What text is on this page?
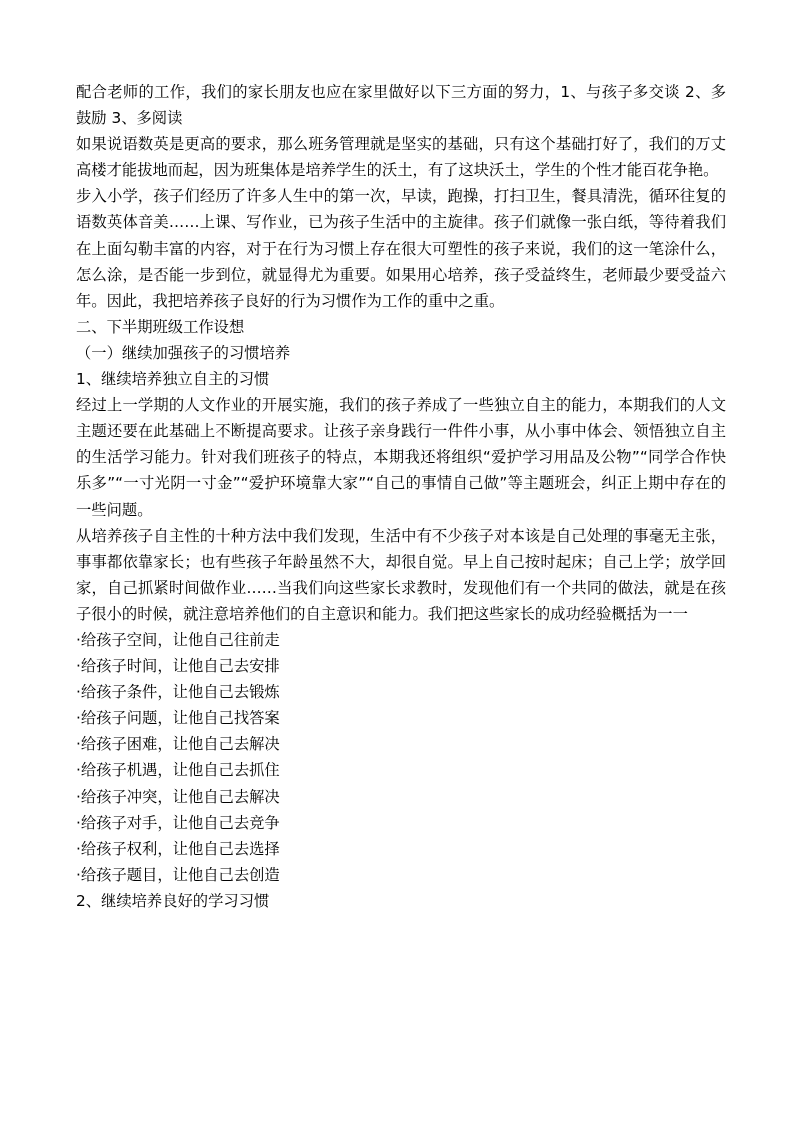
配合老师的工作，我们的家长朋友也应在家里做好以下三方面的努力，1、与孩子多交谈 2、多鼓励 3、多阅读

如果说语数英是更高的要求，那么班务管理就是坚实的基础，只有这个基础打好了，我们的万丈高楼才能拔地而起，因为班集体是培养学生的沃土，有了这块沃土，学生的个性才能百花争艳。

步入小学，孩子们经历了许多人生中的第一次，早读，跑操，打扫卫生，餐具清洗，循环往复的语数英体音美……上课、写作业，已为孩子生活中的主旋律。孩子们就像一张白纸，等待着我们在上面勾勒丰富的内容，对于在行为习惯上存在很大可塑性的孩子来说，我们的这一笔涂什么，怎么涂，是否能一步到位，就显得尤为重要。如果用心培养，孩子受益终生，老师最少要受益六年。因此，我把培养孩子良好的行为习惯作为工作的重中之重。

二、下半期班级工作设想

（一）继续加强孩子的习惯培养

1、继续培养独立自主的习惯

经过上一学期的人文作业的开展实施，我们的孩子养成了一些独立自主的能力，本期我们的人文主题还要在此基础上不断提高要求。让孩子亲身践行一件件小事，从小事中体会、领悟独立自主的生活学习能力。针对我们班孩子的特点，本期我还将组织“爱护学习用品及公物”“同学合作快乐多”“一寸光阴一寸金”“爱护环境靠大家”“自己的事情自己做”等主题班会，纠正上期中存在的一些问题。

从培养孩子自主性的十种方法中我们发现，生活中有不少孩子对本该是自己处理的事毫无主张，事事都依靠家长；也有些孩子年龄虽然不大，却很自觉。早上自己按时起床；自己上学；放学回家，自己抓紧时间做作业……当我们向这些家长求教时，发现他们有一个共同的做法，就是在孩子很小的时候，就注意培养他们的自主意识和能力。我们把这些家长的成功经验概括为一一

·给孩子空间，让他自己往前走

·给孩子时间，让他自己去安排

·给孩子条件，让他自己去锻炼

·给孩子问题，让他自己找答案

·给孩子困难，让他自己去解决

·给孩子机遇，让他自己去抓住

·给孩子冲突，让他自己去解决

·给孩子对手，让他自己去竞争

·给孩子权利，让他自己去选择

·给孩子题目，让他自己去创造

2、继续培养良好的学习习惯
